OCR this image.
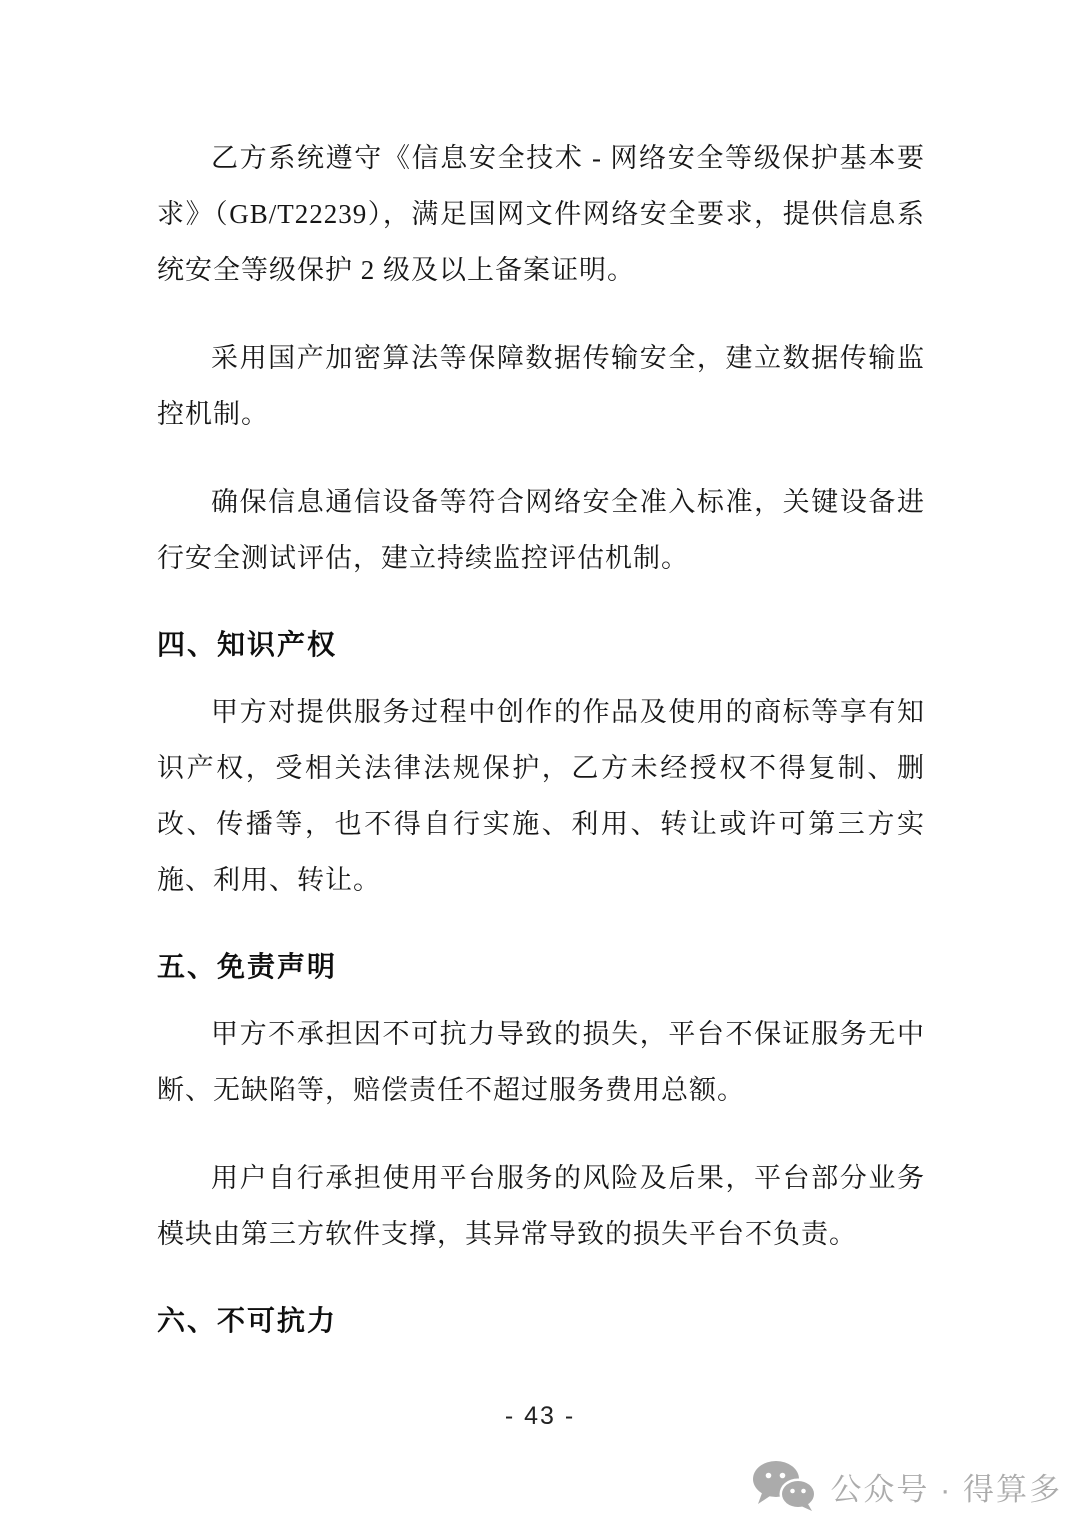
乙方系统遵守《信息安全技术 - 网络安全等级保护基本要求》（GB/T22239），满足国网文件网络安全要求，提供信息系统安全等级保护 2 级及以上备案证明。

采用国产加密算法等保障数据传输安全，建立数据传输监控机制。

确保信息通信设备等符合网络安全准入标准，关键设备进行安全测试评估，建立持续监控评估机制。

四、知识产权

甲方对提供服务过程中创作的作品及使用的商标等享有知识产权，受相关法律法规保护，乙方未经授权不得复制、删改、传播等，也不得自行实施、利用、转让或许可第三方实施、利用、转让。

五、免责声明

甲方不承担因不可抗力导致的损失，平台不保证服务无中断、无缺陷等，赔偿责任不超过服务费用总额。

用户自行承担使用平台服务的风险及后果，平台部分业务模块由第三方软件支撑，其异常导致的损失平台不负责。

六、不可抗力
- 43 -
公众号 · 得算多
